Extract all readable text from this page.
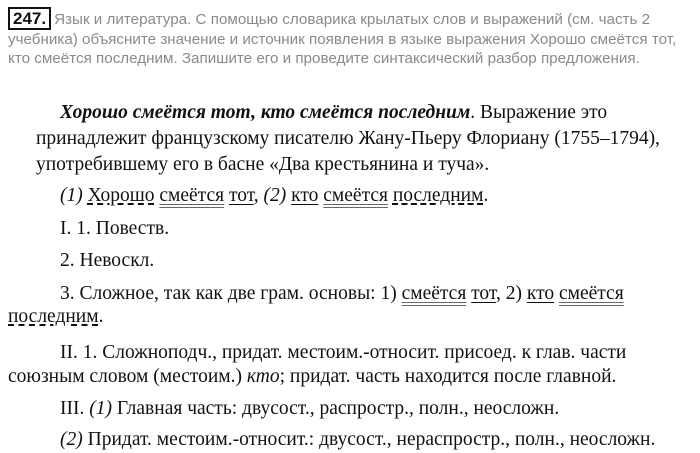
247. Язык и литература. С помощью словарика крылатых слов и выражений (см. часть 2 учебника) объясните значение и источник появления в языке выражения Хорошо смеётся тот, кто смеётся последним. Запишите его и проведите синтаксический разбор предложения.
Хорошо смеётся тот, кто смеётся последним. Выражение это
принадлежит французскому писателю Жану-Пьеру Флориану (1755–1794),
употребившему его в басне «Два крестьянина и туча».
(1) Хорошо смеётся тот, (2) кто смеётся последним.
I. 1. Повеств.
2. Невоскл.
3. Сложное, так как две грам. основы: 1) смеётся тот, 2) кто смеётся
последним.
II. 1. Сложноподч., придат. местоим.-относит. присоед. к глав. части
союзным словом (местоим.) кто; придат. часть находится после главной.
III. (1) Главная часть: двусост., распростр., полн., неосложн.
(2) Придат. местоим.-относит.: двусост., нераспростр., полн., неосложн.
